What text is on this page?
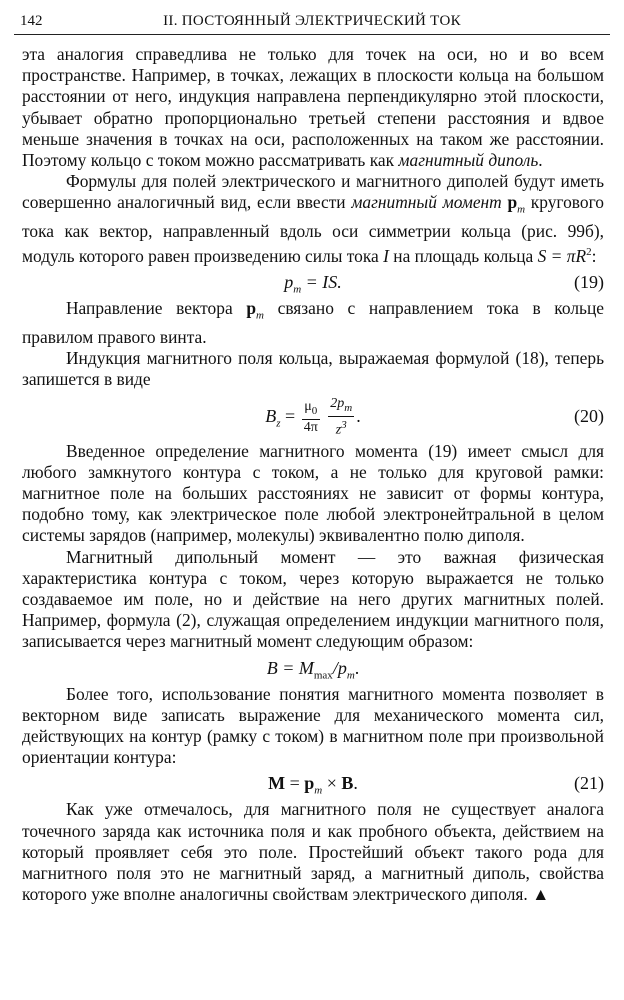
142	II. ПОСТОЯННЫЙ ЭЛЕКТРИЧЕСКИЙ ТОК

эта аналогия справедлива не только для точек на оси, но и во всем пространстве. Например, в точках, лежащих в плоскости кольца на большом расстоянии от него, индукция направлена перпендикулярно этой плоскости, убывает обратно пропорционально третьей степени расстояния и вдвое меньше значения в точках на оси, расположенных на таком же расстоянии. Поэтому кольцо с током можно рассматривать как магнитный диполь.

Формулы для полей электрического и магнитного диполей будут иметь совершенно аналогичный вид, если ввести магнитный момент $p_m$ кругового тока как вектор, направленный вдоль оси симметрии кольца (рис. 99б), модуль которого равен произведению силы тока I на площадь кольца $S = \pi R^2$:

$p_m$ = IS.	(19)

Направление вектора $p_m$ связано с направлением тока в кольце правилом правого винта.

Индукция магнитного поля кольца, выражаемая формулой (18), теперь запишется в виде

$B_z = \frac{\mu_0}{4\pi}$
$\frac{2p_m}{z^3}$ .	(20)

Введенное определение магнитного момента (19) имеет смысл для любого замкнутого контура с током, а не только для круговой рамки: магнитное поле на больших расстояниях не зависит от формы контура, подобно тому, как электрическое поле любой электронейтральной в целом системы зарядов (например, молекулы) эквивалентно полю диполя.

Магнитный дипольный момент — это важная физическая характеристика контура с током, через которую выражается не только создаваемое им поле, но и действие на него других магнитных полей. Например, формула (2), служащая определением индукции магнитного поля, записывается через магнитный момент следующим образом:

$B = M_{max}/p_m$.

Более того, использование понятия магнитного момента позволяет в векторном виде записать выражение для механического момента сил, действующих на контур (рамку с током) в магнитном поле при произвольной ориентации контура:

$M = p_m \times B$.	(21)

Как уже отмечалось, для магнитного поля не существует аналога точечного заряда как источника поля и как пробного объекта, действием на который проявляет себя это поле. Простейший объект такого рода для магнитного поля это не магнитный заряд, а магнитный диполь, свойства которого уже вполне аналогичны свойствам электрического диполя. ▲
